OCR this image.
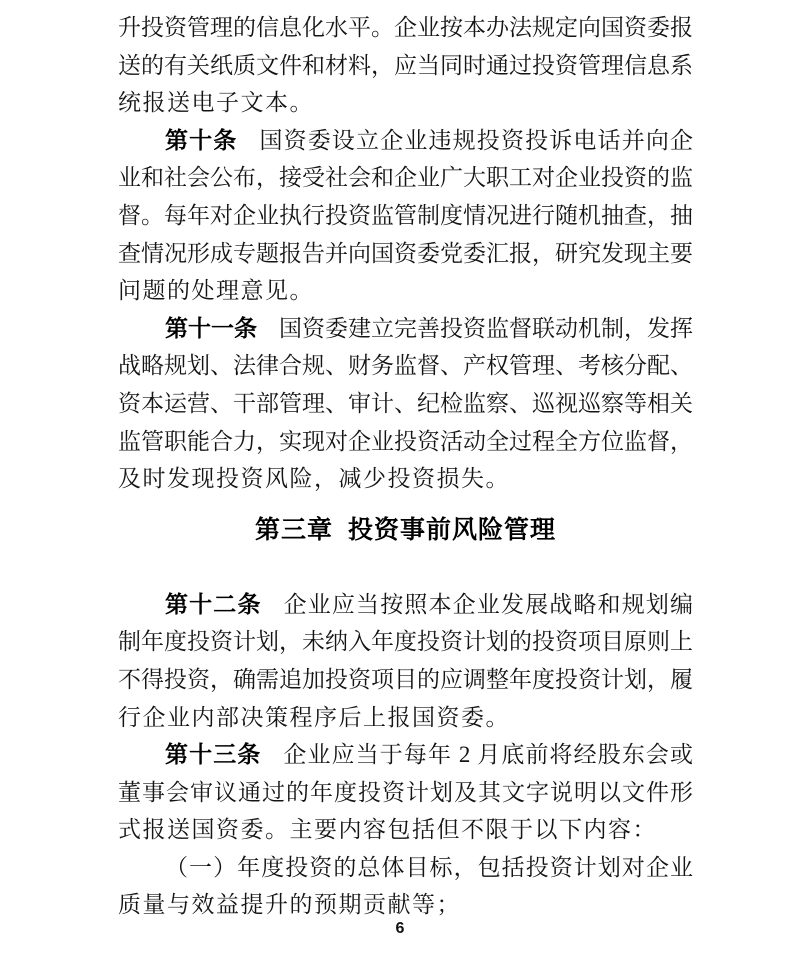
升投资管理的信息化水平。企业按本办法规定向国资委报
送的有关纸质文件和材料，应当同时通过投资管理信息系
统报送电子文本。
第十条 国资委设立企业违规投资投诉电话并向企
业和社会公布，接受社会和企业广大职工对企业投资的监
督。每年对企业执行投资监管制度情况进行随机抽查，抽
查情况形成专题报告并向国资委党委汇报，研究发现主要
问题的处理意见。
第十一条 国资委建立完善投资监督联动机制，发挥
战略规划、法律合规、财务监督、产权管理、考核分配、
资本运营、干部管理、审计、纪检监察、巡视巡察等相关
监管职能合力，实现对企业投资活动全过程全方位监督，
及时发现投资风险，减少投资损失。
第三章 投资事前风险管理
第十二条 企业应当按照本企业发展战略和规划编
制年度投资计划，未纳入年度投资计划的投资项目原则上
不得投资，确需追加投资项目的应调整年度投资计划，履
行企业内部决策程序后上报国资委。
第十三条 企业应当于每年 2 月底前将经股东会或
董事会审议通过的年度投资计划及其文字说明以文件形
式报送国资委。主要内容包括但不限于以下内容：
（一）年度投资的总体目标，包括投资计划对企业
质量与效益提升的预期贡献等；
6
